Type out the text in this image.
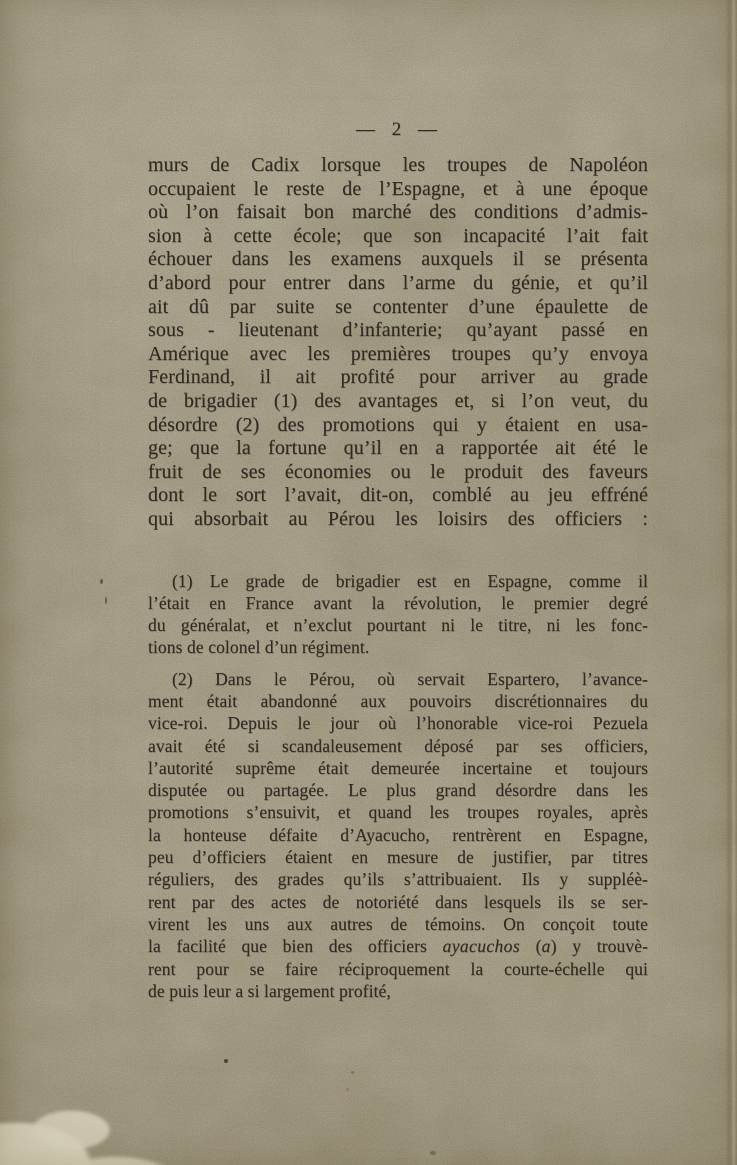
— 2 —
murs de Cadix lorsque les troupes de Napoléon
occupaient le reste de l’Espagne, et à une époque
où l’on faisait bon marché des conditions d’admis-
sion à cette école; que son incapacité l’ait fait
échouer dans les examens auxquels il se présenta
d’abord pour entrer dans l’arme du génie, et qu’il
ait dû par suite se contenter d’une épaulette de
sous - lieutenant d’infanterie; qu’ayant passé en
Amérique avec les premières troupes qu’y envoya
Ferdinand, il ait profité pour arriver au grade
de brigadier (1) des avantages et, si l’on veut, du
désordre (2) des promotions qui y étaient en usa-
ge; que la fortune qu’il en a rapportée ait été le
fruit de ses économies ou le produit des faveurs
dont le sort l’avait, dit-on, comblé au jeu effréné
qui absorbait au Pérou les loisirs des officiers :
(1) Le grade de brigadier est en Espagne, comme il
l’était en France avant la révolution, le premier degré
du généralat, et n’exclut pourtant ni le titre, ni les fonc-
tions de colonel d’un régiment.
(2) Dans le Pérou, où servait Espartero, l’avance-
ment était abandonné aux pouvoirs discrétionnaires du
vice-roi. Depuis le jour où l’honorable vice-roi Pezuela
avait été si scandaleusement déposé par ses officiers,
l’autorité suprême était demeurée incertaine et toujours
disputée ou partagée. Le plus grand désordre dans les
promotions s’ensuivit, et quand les troupes royales, après
la honteuse défaite d’Ayacucho, rentrèrent en Espagne,
peu d’officiers étaient en mesure de justifier, par titres
réguliers, des grades qu’ils s’attribuaient. Ils y suppléè-
rent par des actes de notoriété dans lesquels ils se ser-
virent les uns aux autres de témoins. On conçoit toute
la facilité que bien des officiers ayacuchos (a) y trouvè-
rent pour se faire réciproquement la courte-échelle qui
de puis leur a si largement profité,
